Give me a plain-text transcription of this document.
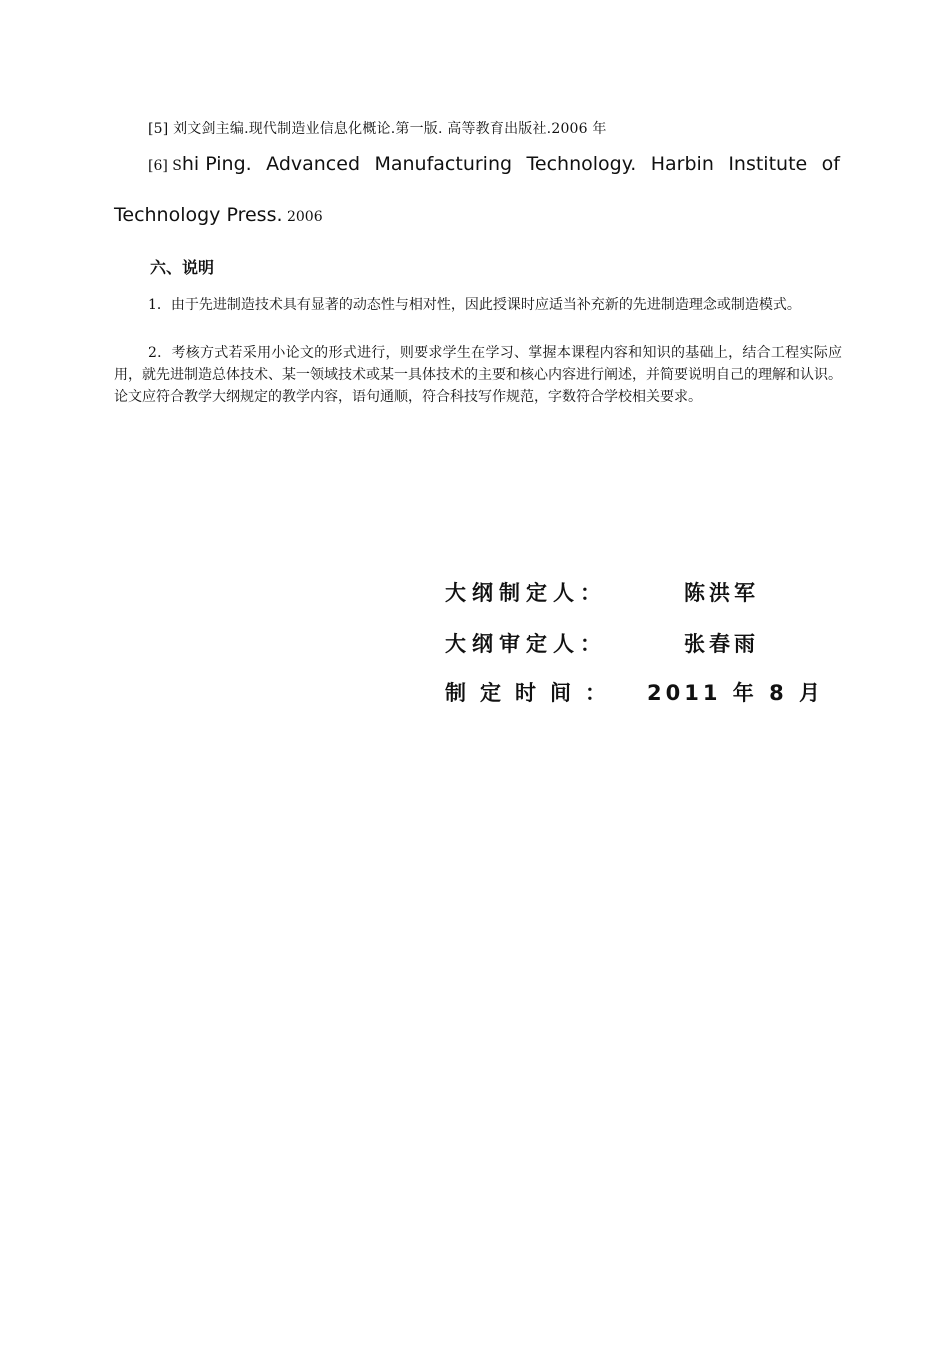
[5] 刘文剑主编.现代制造业信息化概论.第一版. 高等教育出版社.2006 年
[6] Shi Ping. Advanced Manufacturing Technology. Harbin Institute of
Technology Press. 2006
六、说明
1．由于先进制造技术具有显著的动态性与相对性，因此授课时应适当补充新的先进制造理念或制造模式。
2．考核方式若采用小论文的形式进行，则要求学生在学习、掌握本课程内容和知识的基础上，结合工程实际应用，就先进制造总体技术、某一领域技术或某一具体技术的主要和核心内容进行阐述，并简要说明自己的理解和认识。论文应符合教学大纲规定的教学内容，语句通顺，符合科技写作规范，字数符合学校相关要求。
大纲制定人：	陈洪军
大纲审定人：	张春雨
制定时间： 2011 年 8 月
